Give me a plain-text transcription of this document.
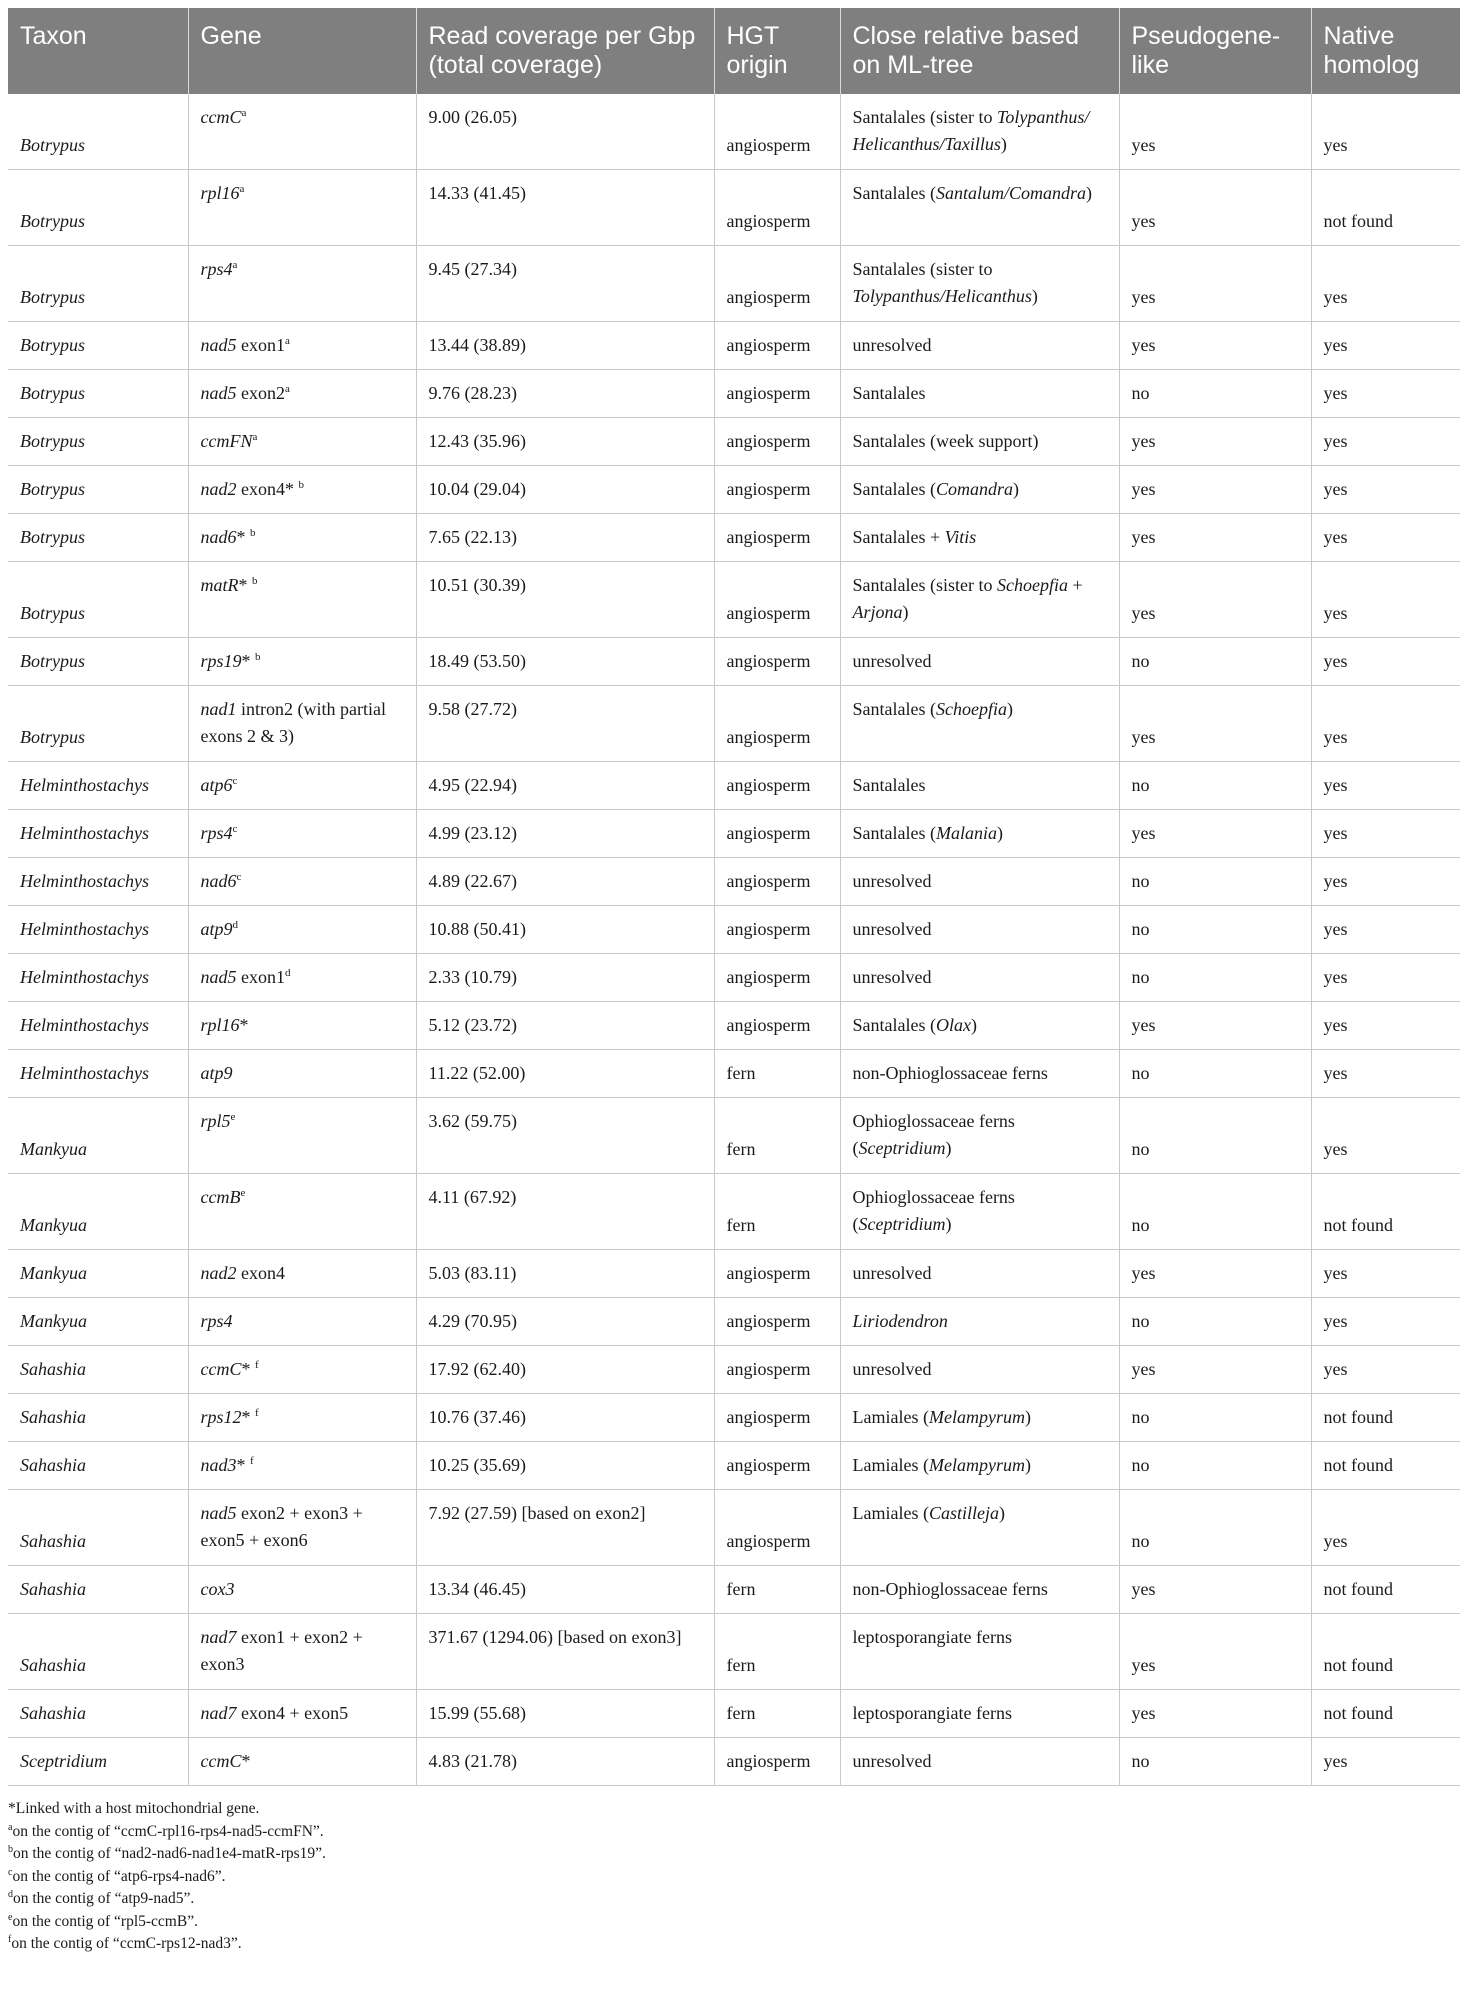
Taxon	Gene	Read coverage per Gbp (total coverage)	HGT origin	Close relative based on ML-tree	Pseudogene-like	Native homolog
Botrypus	ccmC$^a$	9.00 (26.05)	angiosperm	Santalales (sister to Tolypanthus/ Helicanthus/Taxillus)	yes	yes
Botrypus	rpl16$^a$	14.33 (41.45)	angiosperm	Santalales (Santalum/Comandra)	yes	not found
Botrypus	rps4$^a$	9.45 (27.34)	angiosperm	Santalales (sister to Tolypanthus/Helicanthus)	yes	yes
Botrypus	nad5 exon1$^a$	13.44 (38.89)	angiosperm	unresolved	yes	yes
Botrypus	nad5 exon2$^a$	9.76 (28.23)	angiosperm	Santalales	no	yes
Botrypus	ccmFN$^a$	12.43 (35.96)	angiosperm	Santalales (week support)	yes	yes
Botrypus	nad2 exon4* $^b$	10.04 (29.04)	angiosperm	Santalales (Comandra)	yes	yes
Botrypus	nad6* $^b$	7.65 (22.13)	angiosperm	Santalales + Vitis	yes	yes
Botrypus	matR* $^b$	10.51 (30.39)	angiosperm	Santalales (sister to Schoepfia + Arjona)	yes	yes
Botrypus	rps19* $^b$	18.49 (53.50)	angiosperm	unresolved	no	yes
Botrypus	nad1 intron2 (with partial exons 2 & 3)	9.58 (27.72)	angiosperm	Santalales (Schoepfia)	yes	yes
Helminthostachys	atp6$^c$	4.95 (22.94)	angiosperm	Santalales	no	yes
Helminthostachys	rps4$^c$	4.99 (23.12)	angiosperm	Santalales (Malania)	yes	yes
Helminthostachys	nad6$^c$	4.89 (22.67)	angiosperm	unresolved	no	yes
Helminthostachys	atp9$^d$	10.88 (50.41)	angiosperm	unresolved	no	yes
Helminthostachys	nad5 exon1$^d$	2.33 (10.79)	angiosperm	unresolved	no	yes
Helminthostachys	rpl16*	5.12 (23.72)	angiosperm	Santalales (Olax)	yes	yes
Helminthostachys	atp9	11.22 (52.00)	fern	non-Ophioglossaceae ferns	no	yes
Mankyua	rpl5e	3.62 (59.75)	fern	Ophioglossaceae ferns (Sceptridium)	no	yes
Mankyua	ccmB$^e$	4.11 (67.92)	fern	Ophioglossaceae ferns (Sceptridium)	no	not found
Mankyua	nad2 exon4	5.03 (83.11)	angiosperm	unresolved	yes	yes
Mankyua	rps4	4.29 (70.95)	angiosperm	Liriodendron	no	yes
Sahashia	ccmC* $^f$	17.92 (62.40)	angiosperm	unresolved	yes	yes
Sahashia	rps12* $^f$	10.76 (37.46)	angiosperm	Lamiales (Melampyrum)	no	not found
Sahashia	nad3* $^f$	10.25 (35.69)	angiosperm	Lamiales (Melampyrum)	no	not found
Sahashia	nad5 exon2 + exon3 + exon5 + exon6	7.92 (27.59) [based on exon2]	angiosperm	Lamiales (Castilleja)	no	yes
Sahashia	cox3	13.34 (46.45)	fern	non-Ophioglossaceae ferns	yes	not found
Sahashia	nad7 exon1 + exon2 + exon3	371.67 (1294.06) [based on exon3]	fern	leptosporangiate ferns	yes	not found
Sahashia	nad7 exon4 + exon5	15.99 (55.68)	fern	leptosporangiate ferns	yes	not found
Sceptridium	ccmC*	4.83 (21.78)	angiosperm	unresolved	no	yes
*Linked with a host mitochondrial gene.
$^a$on the contig of “ccmC-rpl16-rps4-nad5-ccmFN”.
$^b$on the contig of “nad2-nad6-nad1e4-matR-rps19”.
$^c$on the contig of “atp6-rps4-nad6”.
$^d$on the contig of “atp9-nad5”.
$^e$on the contig of “rpl5-ccmB”.
$^f$on the contig of “ccmC-rps12-nad3”.
